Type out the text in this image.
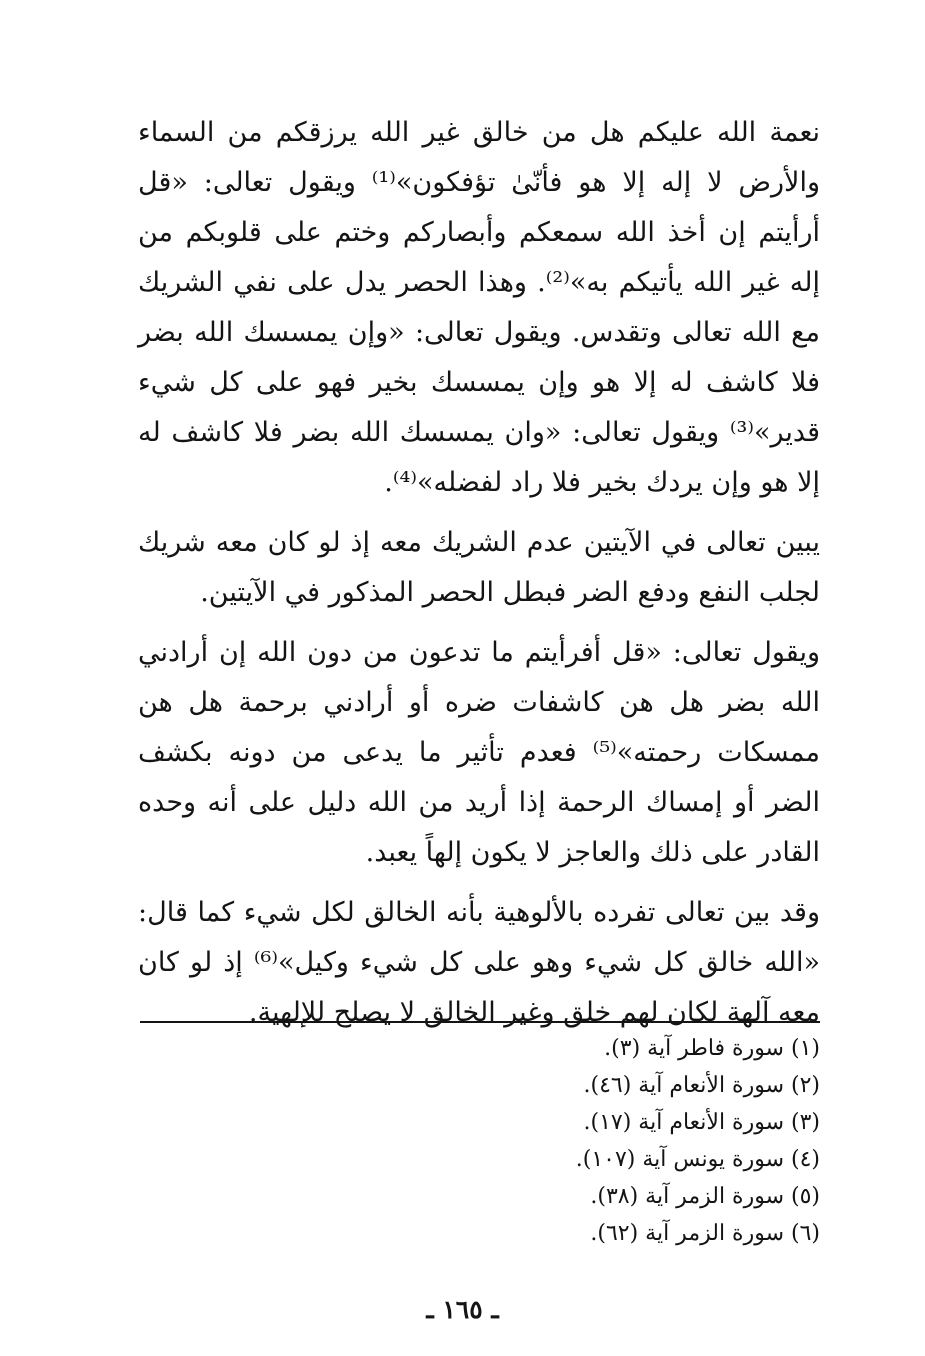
نعمة الله عليكم هل من خالق غير الله يرزقكم من السماء والأرض لا إله إلا هو فأنّىٰ تؤفكون»⁽¹⁾ ويقول تعالى: «قل أرأيتم إن أخذ الله سمعكم وأبصاركم وختم على قلوبكم من إله غير الله يأتيكم به»⁽²⁾. وهذا الحصر يدل على نفي الشريك مع الله تعالى وتقدس. ويقول تعالى: «وإن يمسسك الله بضر فلا كاشف له إلا هو وإن يمسسك بخير فهو على كل شيء قدير»⁽³⁾ ويقول تعالى: «وان يمسسك الله بضر فلا كاشف له إلا هو وإن يردك بخير فلا راد لفضله»⁽⁴⁾.

يبين تعالى في الآيتين عدم الشريك معه إذ لو كان معه شريك لجلب النفع ودفع الضر فبطل الحصر المذكور في الآيتين.

ويقول تعالى: «قل أفرأيتم ما تدعون من دون الله إن أرادني الله بضر هل هن كاشفات ضره أو أرادني برحمة هل هن ممسكات رحمته»⁽⁵⁾ فعدم تأثير ما يدعى من دونه بكشف الضر أو إمساك الرحمة إذا أريد من الله دليل على أنه وحده القادر على ذلك والعاجز لا يكون إلهاً يعبد.

وقد بين تعالى تفرده بالألوهية بأنه الخالق لكل شيء كما قال: «الله خالق كل شيء وهو على كل شيء وكيل»⁽⁶⁾ إذ لو كان معه آلهة لكان لهم خلق وغير الخالق لا يصلح للإلهية.

(١) سورة فاطر آية (٣).
(٢) سورة الأنعام آية (٤٦).
(٣) سورة الأنعام آية (١٧).
(٤) سورة يونس آية (١٠٧).
(٥) سورة الزمر آية (٣٨).
(٦) سورة الزمر آية (٦٢).
ـ ١٦٥ ـ
